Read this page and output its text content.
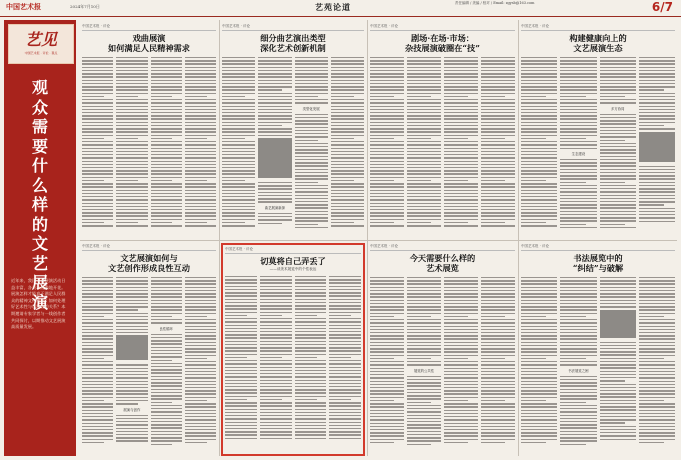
中国艺术报	2024年7月10日	艺苑论道	责任编辑 / 美编 / 校对 / Email: zgysb@163.com	6/7
艺见
中国艺术报 · 评论 · 观点
观众需要什么样的文艺展演
近年来，我国文艺展演活动日益丰富，各类节展遍地开花。展演怎样才能真正满足人民群众的精神文化需求？如何处理好艺术性与市场性的关系？本期邀请专家学者与一线创作者共同探讨，以期推动文艺展演高质量发展。
中国艺术报 · 评论
戏曲展演
如何满足人民精神需求
中国艺术报 · 评论
细分曲艺演出类型
深化艺术创新机制
曲艺展演新探
类型化发展
中国艺术报 · 评论
剧场·在场·市场：
杂技展演破圈在“技”
中国艺术报 · 评论
构建健康向上的
文艺展演生态
生态建设
多方协同
中国艺术报 · 评论
文艺展演如何与
文艺创作形成良性互动
展演与创作
良性循环
中国艺术报 · 评论
切莫将自己弄丢了
——谈美术展览中的个性表达
中国艺术报 · 评论
今天需要什么样的
艺术展览
展览的公共性
中国艺术报 · 评论
书法展览中的
“纠结”与破解
书法展览之困
